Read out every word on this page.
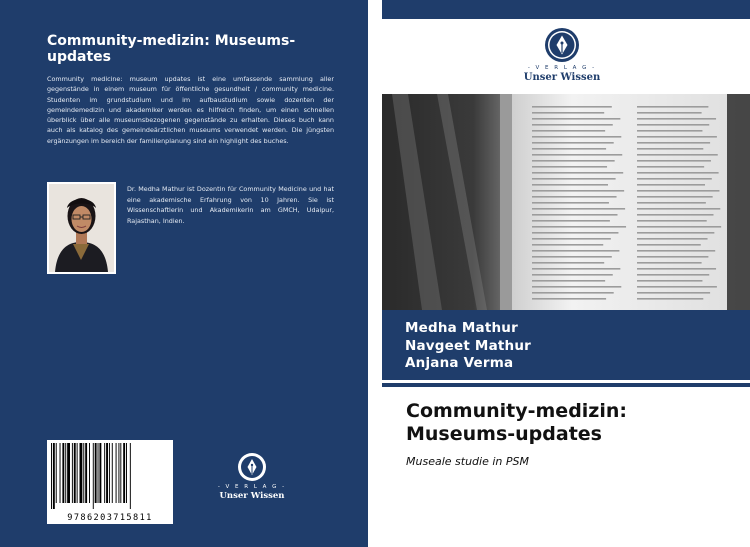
Community-medizin: Museums-updates
Community medicine: museum updates ist eine umfassende sammlung aller gegenstände in einem museum für öffentliche gesundheit / community medicine. Studenten im grundstudium und im aufbaustudium sowie dozenten der gemeindemedizin und akademiker werden es hilfreich finden, um einen schnellen überblick über alle museumsbezogenen gegenstände zu erhalten. Dieses buch kann auch als katalog des gemeindeärztlichen museums verwendet werden. Die jüngsten ergänzungen im bereich der familienplanung sind ein highlight des buches.
Dr. Medha Mathur ist Dozentin für Community Medicine und hat eine akademische Erfahrung von 10 Jahren. Sie ist Wissenschaftlerin und Akademikerin am GMCH, Udaipur, Rajasthan, Indien.
9786203715811
- V E R L A G -
Unser Wissen
- V E R L A G -
Unser Wissen
Medha Mathur
Navgeet Mathur
Anjana Verma
Community-medizin: Museums-updates
Museale studie in PSM
